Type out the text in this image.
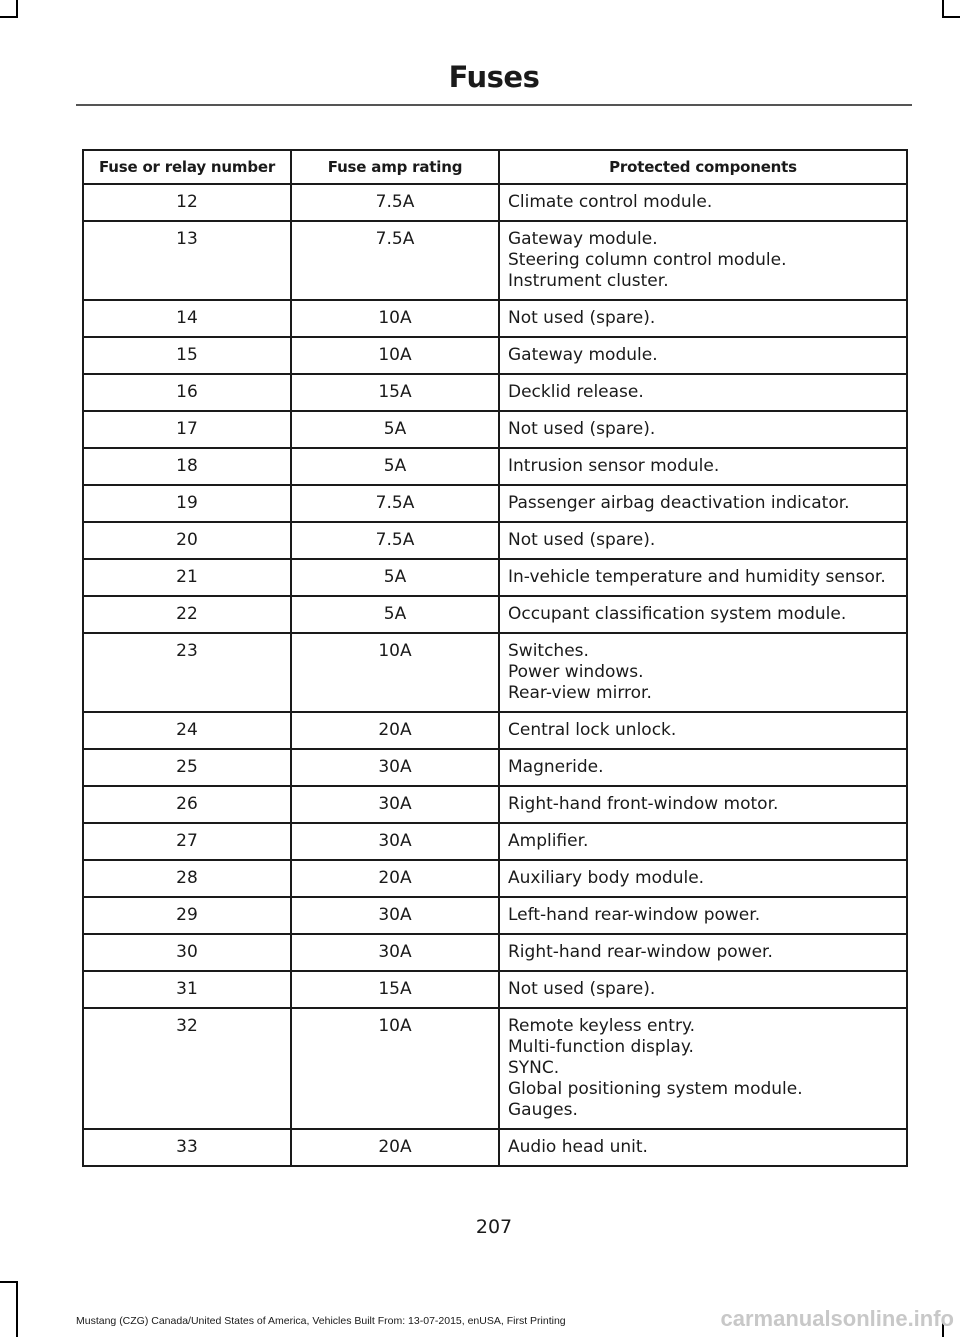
Fuses
Fuse or relay number	Fuse amp rating	Protected components
12	7.5A	Climate control module.

13	7.5A	Gateway module.
Steering column control module.
Instrument cluster.

14	10A	Not used (spare).

15	10A	Gateway module.

16	15A	Decklid release.

17	5A	Not used (spare).

18	5A	Intrusion sensor module.

19	7.5A	Passenger airbag deactivation indicator.

20	7.5A	Not used (spare).

21	5A	In-vehicle temperature and humidity sensor.

22	5A	Occupant classification system module.

23	10A	Switches.
Power windows.
Rear-view mirror.

24	20A	Central lock unlock.

25	30A	Magneride.

26	30A	Right-hand front-window motor.

27	30A	Amplifier.

28	20A	Auxiliary body module.

29	30A	Left-hand rear-window power.

30	30A	Right-hand rear-window power.

31	15A	Not used (spare).

32	10A	Remote keyless entry.
Multi-function display.
SYNC.
Global positioning system module.
Gauges.

33	20A	Audio head unit.
207
Mustang (CZG) Canada/United States of America, Vehicles Built From: 13-07-2015, enUSA, First Printing	carmanualsonline.info
